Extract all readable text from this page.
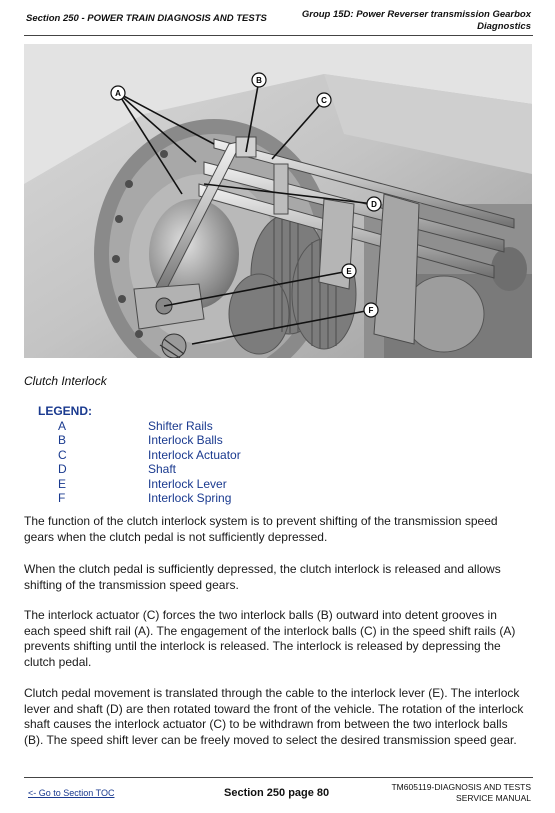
Section 250 - POWER TRAIN DIAGNOSIS AND TESTS	Group 15D: Power Reverser transmission Gearbox
Diagnostics
A
B
C
D
E
F
Clutch Interlock
LEGEND:
A	Shifter Rails
B	Interlock Balls
C	Interlock Actuator
D	Shaft
E	Interlock Lever
F	Interlock Spring

The function of the clutch interlock system is to prevent shifting of the transmission speed gears when the clutch pedal is not sufficiently depressed.

When the clutch pedal is sufficiently depressed, the clutch interlock is released and allows shifting of the transmission speed gears.

The interlock actuator (C) forces the two interlock balls (B) outward into detent grooves in each speed shift rail (A). The engagement of the interlock balls (C) in the speed shift rails (A) prevents shifting until the interlock is released. The interlock is released by depressing the clutch pedal.

Clutch pedal movement is translated through the cable to the interlock lever (E). The interlock lever and shaft (D) are then rotated toward the front of the vehicle. The rotation of the interlock shaft causes the interlock actuator (C) to be withdrawn from between the two interlock balls (B). The speed shift lever can be freely moved to select the desired transmission speed gear.

<- Go to Section TOC	Section 250 page 80	TM605119-DIAGNOSIS AND TESTS
SERVICE MANUAL
